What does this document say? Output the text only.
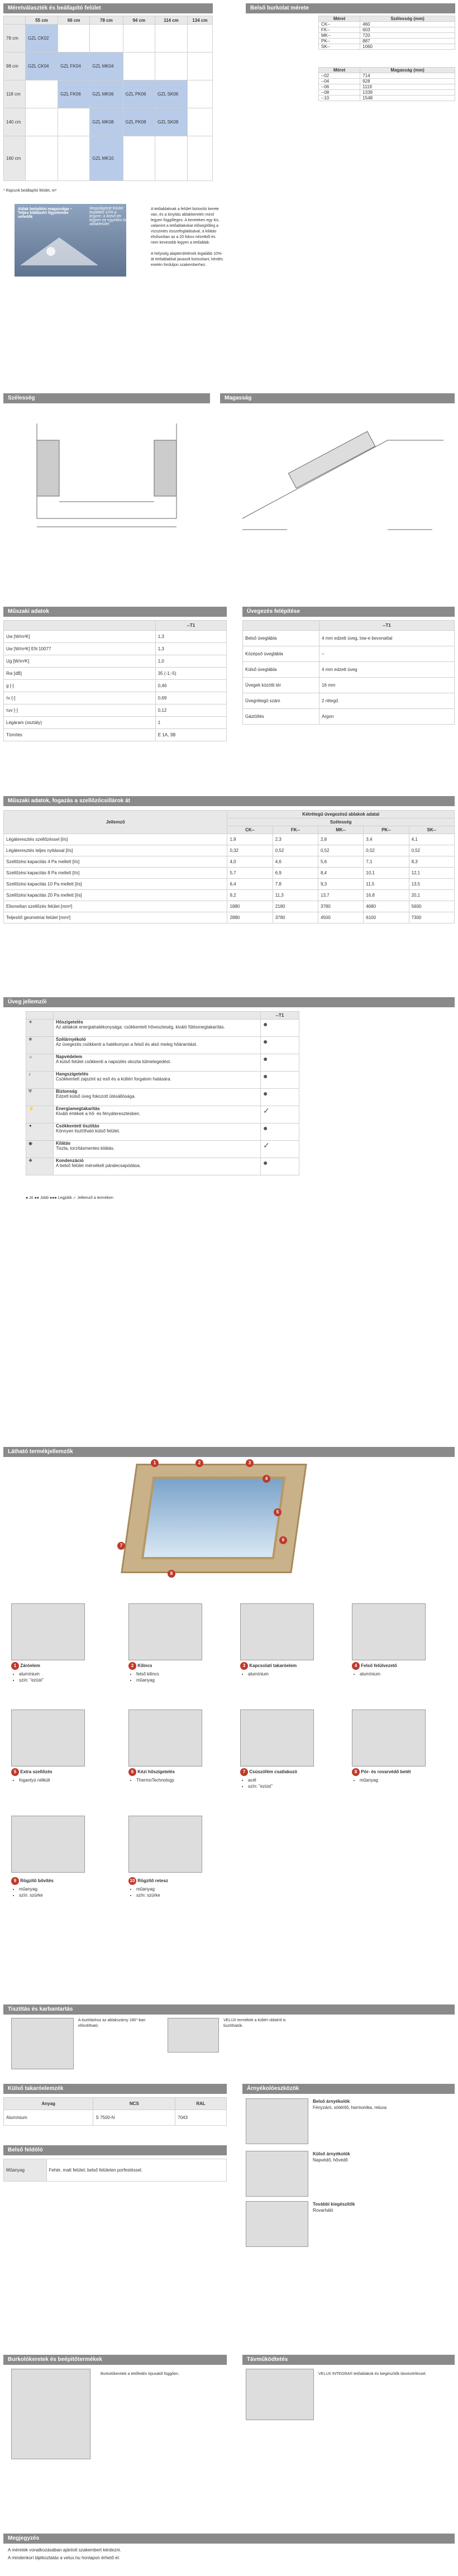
Méretválaszték és beállapító felület	Belső burkolat mérete
	55 cm	66 cm	78 cm	94 cm	114 cm	134 cm
78 cm	GZL CK02					
98 cm	GZL CK04	GZL FK04	GZL MK04			
118 cm		GZL FK06	GZL MK06	GZL PK06	GZL SK06	
140 cm			GZL MK08	GZL PK08	GZL SK08	
160 cm			GZL MK10			
* Rajzunk beállapító felület, m²
Méret	Szélesség (mm)
CK--	460
FK--	603
MK--	720
PK--	887
SK--	1060
Méret	Magasság (mm)
--02	714
--04	928
--06	1119
--08	1339
--10	1548
Ablak beépítési magassága – Teljes kilátásért figyelembe vehetők
Megvilágított felület legalább 10%-a legyen; a belső tér legyen ne egyetlen kis ablakfelület
A tetőablaknak a felület biztosító kerete van, és a kinyitás ablakkeretén mind legyen függőleges. A kereteken egy kis, valamint a tetőablakokat elősegítőleg a vízszintes összefoglalásával, a kilátás elsősorban az a 20 fokos nézetből és nem kevesebb legyen a tetőablak.
A helyiség alapterületének legalább 10%-át tetőablakkal javasolt biztosítani; kérdés esetén forduljon szakemberhez.
Szélesség	Magasság
Műszaki adatok	Üvegezés felépítése
	--T1
Uw [W/m²K]	1,3
Uw [W/m²K] EN 10077	1,3
Ug [W/m²K]	1,0
Rw [dB]	35 (-1;-5)
g [-]	0,46
τv [-]	0,69
τuv [-]	0,12
Légáram (osztály)	1
Tömítés	E 1A, 3B
	--T1
Belső üveglábla	4 mm edzett üveg, low-e bevonattal
Középső üveglábla	–
Külső üveglábla	4 mm edzett üveg
Üvegek közötti tér	16 mm
Üvegrétegű szám	2 rétegű
Gáztöltés	Argon
Műszaki adatok, fogazás a szellőzőcsillárok át
Jellemző	Kétrétegű üvegezésű ablakok adatai				
	Szélesség				
	CK--	FK--	MK--	PK--	SK--
Légáteresztés szellőzéssel [l/s]	1,9	2,3	2,8	3,4	4,1
Légáteresztés teljes nyitással [l/s]	0,32	0,52	0,52	0,52	0,52
Szellőzési kapacitás 4 Pa mellett [l/s]	4,0	4,6	5,6	7,1	8,3
Szellőzési kapacitás 8 Pa mellett [l/s]	5,7	6,9	8,4	10,1	12,1
Szellőzési kapacitás 10 Pa mellett [l/s]	6,4	7,8	9,3	11,5	13,5
Szellőzési kapacitás 20 Pa mellett [l/s]	9,2	11,3	13,7	16,8	20,1
Elismeltan szellőzés felület [mm²]	1880	2180	3780	4680	5600
Teljesítő geometriai felület [mm²]	2880	3780	4500	6100	7300
Üveg jellemzői
		--T1
☀	Hőszigetelés
Az ablakok energiahatékonysága: csökkentett hőveszteség, kiváló fűtésmegtakarítás.	●
❄	Szélárnyékoló
Az üvegezés csökkenti a hatékonyan a felső és alsó meleg hőáramlást.	●
☼	Napvédelem
A külső felület csökkenti a napsütés okozta túlmelegedést.	●
♪	Hangszigetelés
Csökkentett zajszint az eső és a kültéri forgalom hatására.	●
⛨	Biztonság
Edzett külső üveg fokozott ütésállósága.	●
⚡	Energiamegtakarítás
Kiváló értékek a hő- és fényáteresztésben.	✓
✦	Csökkentett tisztítás
Könnyen tisztítható külső felület.	●
◉	Kilátás
Tiszta, torzításmentes kilátás.	✓
❖	Kondenzáció
A belső felület mérsékelt páralecsapódása.	●
● Jó ●● Jobb ●●● Legjobb ✓ Jellemző a terméken
Látható termékjellemzők
1	2	3
4
5
6
7
8
1 Záróelem
• alumínium
• szín: "ezüst"
2 Kilincs
• felső kilincs
• műanyag
3 Kapcsolati takaróelem
• alumínium
4 Felső felülvezető
• alumínium
5 Extra szellőzés
• fogantyú nélküli
6 Kézi hőszigetelés
• ThermoTechnology
7 Csúszófém csatlakozó
• acél
• szín: "ezüst"
8 Pór- és rovarvédő betét
• műanyag
9 Rögzítő bővítés
• műanyag
• szín: szürke
10 Rögzítő retesz
• műanyag
• szín: szürke
Tisztítás és karbantartás
A tisztításhoz az ablakszárny 180°-ban elfordítható.
VELUX termékek a kültéri oldalról is tisztíthatók.
Külső takaróelemzék	Árnyékolóeszközök
Anyag	NCS	RAL
Alumínium	S 7500-N	7043
Belső feldóló
Műanyag	Fehér, matt felület; belső felületen porfestéssel.
Belső árnyékolók
Fényzáró, sötétítő, harmonika, reluxa
Külső árnyékolók
Napvédő, hővédő
További kiegészítők
Rovarháló
Burkolókeretek és beépítőtermékek	Távműködtetés
Burkolókeretek a tetőfedés típusától függően.	VELUX INTEGRA® tetőablakok és kiegészítők távvezérléssel.
Megjegyzés
A méretek vonatkozásában ajánlott szakembert kérdezni.
A mindenkori tájékoztatás a velux.hu honlapon érhető el.
